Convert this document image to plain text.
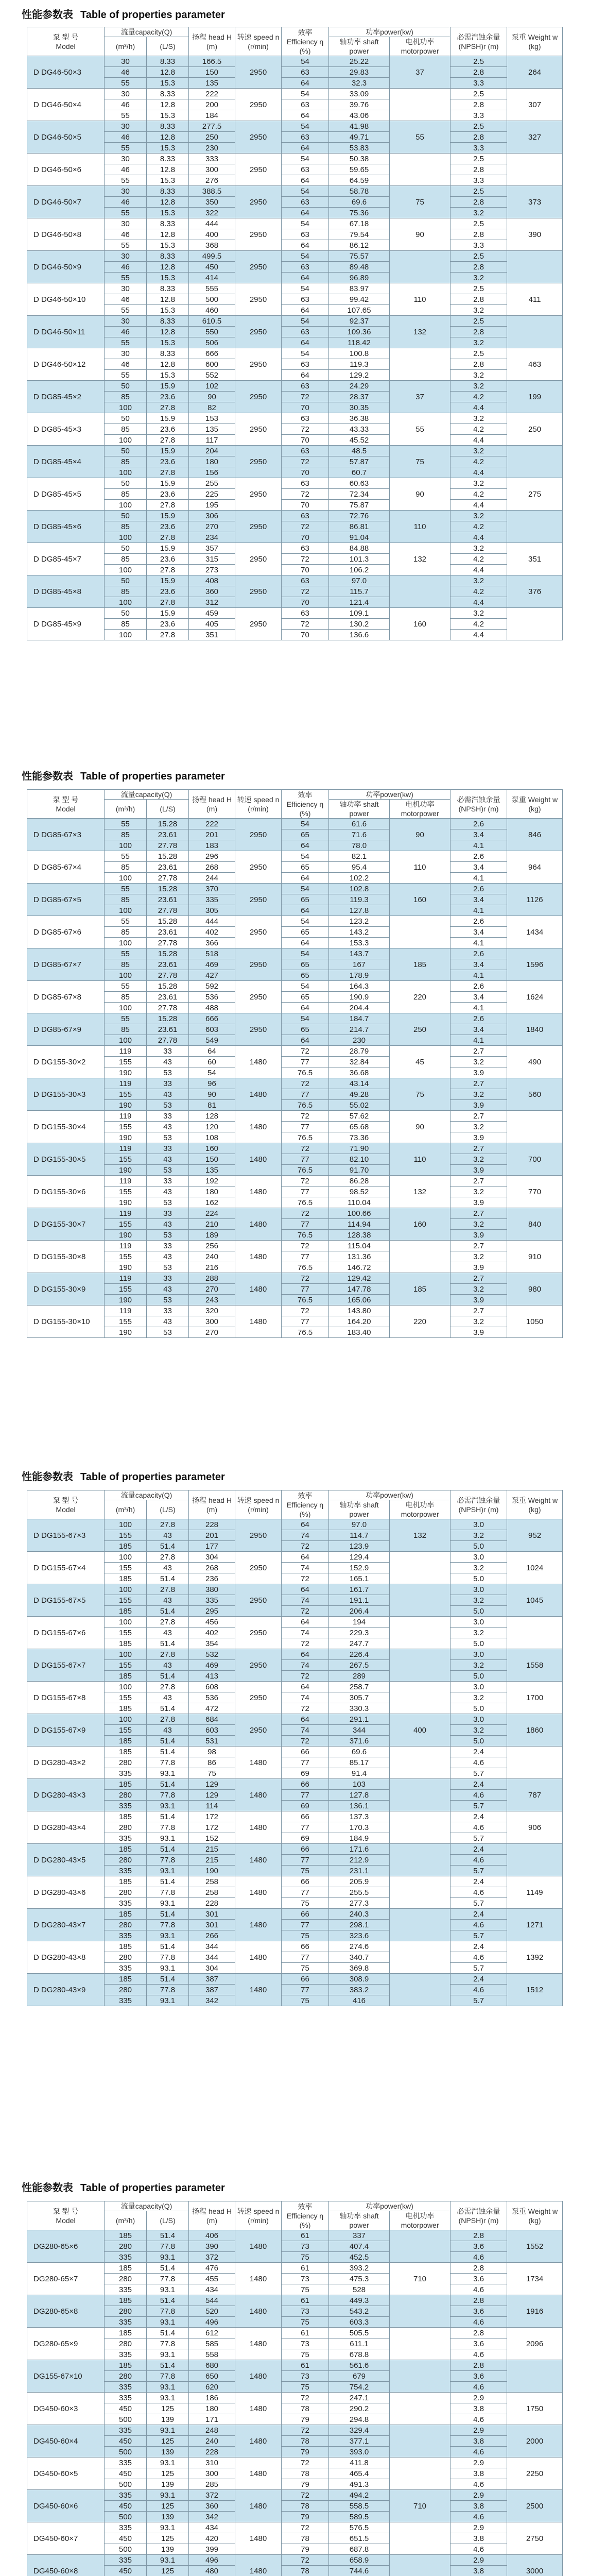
性能参数表 Table of properties parameter
泵 型 号
Model	流量capacity(Q)		扬程 head H (m)	转速 speed n (r/min)	效率 Efficiency η (%)	功率power(kw)		必需汽蚀余量 (NPSH)r (m)	泵重 Weight w (kg)
	(m³/h)	(L/S)				轴功率 shaft power	电机功率 motorpower		
D DG46-50×3	30	8.33	166.5	2950	54	25.22	37	2.5	264
	46	12.8	150		63	29.83		2.8	
	55	15.3	135		64	32.3		3.3	
D DG46-50×4	30	8.33	222	2950	54	33.09		2.5	307
	46	12.8	200		63	39.76		2.8	
	55	15.3	184		64	43.06		3.3	
D DG46-50×5	30	8.33	277.5	2950	54	41.98	55	2.5	327
	46	12.8	250		63	49.71		2.8	
	55	15.3	230		64	53.83		3.3	
D DG46-50×6	30	8.33	333	2950	54	50.38		2.5	
	46	12.8	300		63	59.65		2.8	
	55	15.3	276		64	64.59		3.3	
D DG46-50×7	30	8.33	388.5	2950	54	58.78	75	2.5	373
	46	12.8	350		63	69.6		2.8	
	55	15.3	322		64	75.36		3.2	
D DG46-50×8	30	8.33	444	2950	54	67.18	90	2.5	390
	46	12.8	400		63	79.54		2.8	
	55	15.3	368		64	86.12		3.3	
D DG46-50×9	30	8.33	499.5	2950	54	75.57		2.5	
	46	12.8	450		63	89.48		2.8	
	55	15.3	414		64	96.89		3.2	
D DG46-50×10	30	8.33	555	2950	54	83.97	110	2.5	411
	46	12.8	500		63	99.42		2.8	
	55	15.3	460		64	107.65		3.2	
D DG46-50×11	30	8.33	610.5	2950	54	92.37	132	2.5	
	46	12.8	550		63	109.36		2.8	
	55	15.3	506		64	118.42		3.2	
D DG46-50×12	30	8.33	666	2950	54	100.8		2.5	463
	46	12.8	600		63	119.3		2.8	
	55	15.3	552		64	129.2		3.2	
D DG85-45×2	50	15.9	102	2950	63	24.29	37	3.2	199
	85	23.6	90		72	28.37		4.2	
	100	27.8	82		70	30.35		4.4	
D DG85-45×3	50	15.9	153	2950	63	36.38	55	3.2	250
	85	23.6	135		72	43.33		4.2	
	100	27.8	117		70	45.52		4.4	
D DG85-45×4	50	15.9	204	2950	63	48.5	75	3.2	
	85	23.6	180		72	57.87		4.2	
	100	27.8	156		70	60.7		4.4	
D DG85-45×5	50	15.9	255	2950	63	60.63	90	3.2	275
	85	23.6	225		72	72.34		4.2	
	100	27.8	195		70	75.87		4.4	
D DG85-45×6	50	15.9	306	2950	63	72.76	110	3.2	
	85	23.6	270		72	86.81		4.2	
	100	27.8	234		70	91.04		4.4	
D DG85-45×7	50	15.9	357	2950	63	84.88	132	3.2	351
	85	23.6	315		72	101.3		4.2	
	100	27.8	273		70	106.2		4.4	
D DG85-45×8	50	15.9	408	2950	63	97.0		3.2	376
	85	23.6	360		72	115.7		4.2	
	100	27.8	312		70	121.4		4.4	
D DG85-45×9	50	15.9	459	2950	63	109.1	160	3.2	
	85	23.6	405		72	130.2		4.2	
	100	27.8	351		70	136.6		4.4	
性能参数表 Table of properties parameter
泵 型 号
Model	流量capacity(Q)		扬程 head H (m)	转速 speed n (r/min)	效率 Efficiency η (%)	功率power(kw)		必需汽蚀余量 (NPSH)r (m)	泵重 Weight w (kg)
	(m³/h)	(L/S)				轴功率 shaft power	电机功率 motorpower		
D DG85-67×3	55	15.28	222	2950	54	61.6	90	2.6	846
	85	23.61	201		65	71.6		3.4	
	100	27.78	183		64	78.0		4.1	
D DG85-67×4	55	15.28	296	2950	54	82.1	110	2.6	964
	85	23.61	268		65	95.4		3.4	
	100	27.78	244		64	102.2		4.1	
D DG85-67×5	55	15.28	370	2950	54	102.8	160	2.6	1126
	85	23.61	335		65	119.3		3.4	
	100	27.78	305		64	127.8		4.1	
D DG85-67×6	55	15.28	444	2950	54	123.2		2.6	1434
	85	23.61	402		65	143.2		3.4	
	100	27.78	366		64	153.3		4.1	
D DG85-67×7	55	15.28	518	2950	54	143.7	185	2.6	1596
	85	23.61	469		65	167		3.4	
	100	27.78	427		65	178.9		4.1	
D DG85-67×8	55	15.28	592	2950	54	164.3	220	2.6	1624
	85	23.61	536		65	190.9		3.4	
	100	27.78	488		64	204.4		4.1	
D DG85-67×9	55	15.28	666	2950	54	184.7	250	2.6	1840
	85	23.61	603		65	214.7		3.4	
	100	27.78	549		64	230		4.1	
D DG155-30×2	119	33	64	1480	72	28.79	45	2.7	490
	155	43	60		77	32.84		3.2	
	190	53	54		76.5	36.68		3.9	
D DG155-30×3	119	33	96	1480	72	43.14	75	2.7	560
	155	43	90		77	49.28		3.2	
	190	53	81		76.5	55.02		3.9	
D DG155-30×4	119	33	128	1480	72	57.62	90	2.7	
	155	43	120		77	65.68		3.2	
	190	53	108		76.5	73.36		3.9	
D DG155-30×5	119	33	160	1480	72	71.90	110	2.7	700
	155	43	150		77	82.10		3.2	
	190	53	135		76.5	91.70		3.9	
D DG155-30×6	119	33	192	1480	72	86.28	132	2.7	770
	155	43	180		77	98.52		3.2	
	190	53	162		76.5	110.04		3.9	
D DG155-30×7	119	33	224	1480	72	100.66	160	2.7	840
	155	43	210		77	114.94		3.2	
	190	53	189		76.5	128.38		3.9	
D DG155-30×8	119	33	256	1480	72	115.04		2.7	910
	155	43	240		77	131.36		3.2	
	190	53	216		76.5	146.72		3.9	
D DG155-30×9	119	33	288	1480	72	129.42	185	2.7	980
	155	43	270		77	147.78		3.2	
	190	53	243		76.5	165.06		3.9	
D DG155-30×10	119	33	320	1480	72	143.80	220	2.7	1050
	155	43	300		77	164.20		3.2	
	190	53	270		76.5	183.40		3.9	
性能参数表 Table of properties parameter
泵 型 号
Model	流量capacity(Q)		扬程 head H (m)	转速 speed n (r/min)	效率 Efficiency η (%)	功率power(kw)		必需汽蚀余量 (NPSH)r (m)	泵重 Weight w (kg)
	(m³/h)	(L/S)				轴功率 shaft power	电机功率 motorpower		
D DG155-67×3	100	27.8	228	2950	64	97.0	132	3.0	952
	155	43	201		74	114.7		3.2	
	185	51.4	177		72	123.9		5.0	
D DG155-67×4	100	27.8	304	2950	64	129.4		3.0	1024
	155	43	268		74	152.9		3.2	
	185	51.4	236		72	165.1		5.0	
D DG155-67×5	100	27.8	380	2950	64	161.7		3.0	1045
	155	43	335		74	191.1		3.2	
	185	51.4	295		72	206.4		5.0	
D DG155-67×6	100	27.8	456	2950	64	194		3.0	
	155	43	402		74	229.3		3.2	
	185	51.4	354		72	247.7		5.0	
D DG155-67×7	100	27.8	532	2950	64	226.4		3.0	1558
	155	43	469		74	267.5		3.2	
	185	51.4	413		72	289		5.0	
D DG155-67×8	100	27.8	608	2950	64	258.7		3.0	1700
	155	43	536		74	305.7		3.2	
	185	51.4	472		72	330.3		5.0	
D DG155-67×9	100	27.8	684	2950	64	291.1	400	3.0	1860
	155	43	603		74	344		3.2	
	185	51.4	531		72	371.6		5.0	
D DG280-43×2	185	51.4	98	1480	66	69.6		2.4	
	280	77.8	86		77	85.17		4.6	
	335	93.1	75		69	91.4		5.7	
D DG280-43×3	185	51.4	129	1480	66	103		2.4	787
	280	77.8	129		77	127.8		4.6	
	335	93.1	114		69	136.1		5.7	
D DG280-43×4	185	51.4	172	1480	66	137.3		2.4	906
	280	77.8	172		77	170.3		4.6	
	335	93.1	152		69	184.9		5.7	
D DG280-43×5	185	51.4	215	1480	66	171.6		2.4	
	280	77.8	215		77	212.9		4.6	
	335	93.1	190		75	231.1		5.7	
D DG280-43×6	185	51.4	258	1480	66	205.9		2.4	1149
	280	77.8	258		77	255.5		4.6	
	335	93.1	228		75	277.3		5.7	
D DG280-43×7	185	51.4	301	1480	66	240.3		2.4	1271
	280	77.8	301		77	298.1		4.6	
	335	93.1	266		75	323.6		5.7	
D DG280-43×8	185	51.4	344	1480	66	274.6		2.4	1392
	280	77.8	344		77	340.7		4.6	
	335	93.1	304		75	369.8		5.7	
D DG280-43×9	185	51.4	387	1480	66	308.9		2.4	1512
	280	77.8	387		77	383.2		4.6	
	335	93.1	342		75	416		5.7	
性能参数表 Table of properties parameter
泵 型 号
Model	流量capacity(Q)		扬程 head H (m)	转速 speed n (r/min)	效率 Efficiency η (%)	功率power(kw)		必需汽蚀余量 (NPSH)r (m)	泵重 Weight w (kg)
	(m³/h)	(L/S)				轴功率 shaft power	电机功率 motorpower		
DG280-65×6	185	51.4	406	1480	61	337		2.8	1552
	280	77.8	390		73	407.4		3.6	
	335	93.1	372		75	452.5		4.6	
DG280-65×7	185	51.4	476	1480	61	393.2	710	2.8	1734
	280	77.8	455		73	475.3		3.6	
	335	93.1	434		75	528		4.6	
DG280-65×8	185	51.4	544	1480	61	449.3		2.8	1916
	280	77.8	520		73	543.2		3.6	
	335	93.1	496		75	603.3		4.6	
DG280-65×9	185	51.4	612	1480	61	505.5		2.8	2096
	280	77.8	585		73	611.1		3.6	
	335	93.1	558		75	678.8		4.6	
DG155-67×10	185	51.4	680	1480	61	561.6		2.8	
	280	77.8	650		73	679		3.6	
	335	93.1	620		75	754.2		4.6	
DG450-60×3	335	93.1	186	1480	72	247.1		2.9	1750
	450	125	180		78	290.2		3.8	
	500	139	171		79	294.8		4.6	
DG450-60×4	335	93.1	248	1480	72	329.4		2.9	2000
	450	125	240		78	377.1		3.8	
	500	139	228		79	393.0		4.6	
DG450-60×5	335	93.1	310	1480	72	411.8		2.9	2250
	450	125	300		78	465.4		3.8	
	500	139	285		79	491.3		4.6	
DG450-60×6	335	93.1	372	1480	72	494.2	710	2.9	2500
	450	125	360		78	558.5		3.8	
	500	139	342		79	589.5		4.6	
DG450-60×7	335	93.1	434	1480	72	576.5		2.9	2750
	450	125	420		78	651.5		3.8	
	500	139	399		79	687.8		4.6	
DG450-60×8	335	93.1	496	1480	72	658.9		2.9	3000
	450	125	480		78	744.6		3.8	
